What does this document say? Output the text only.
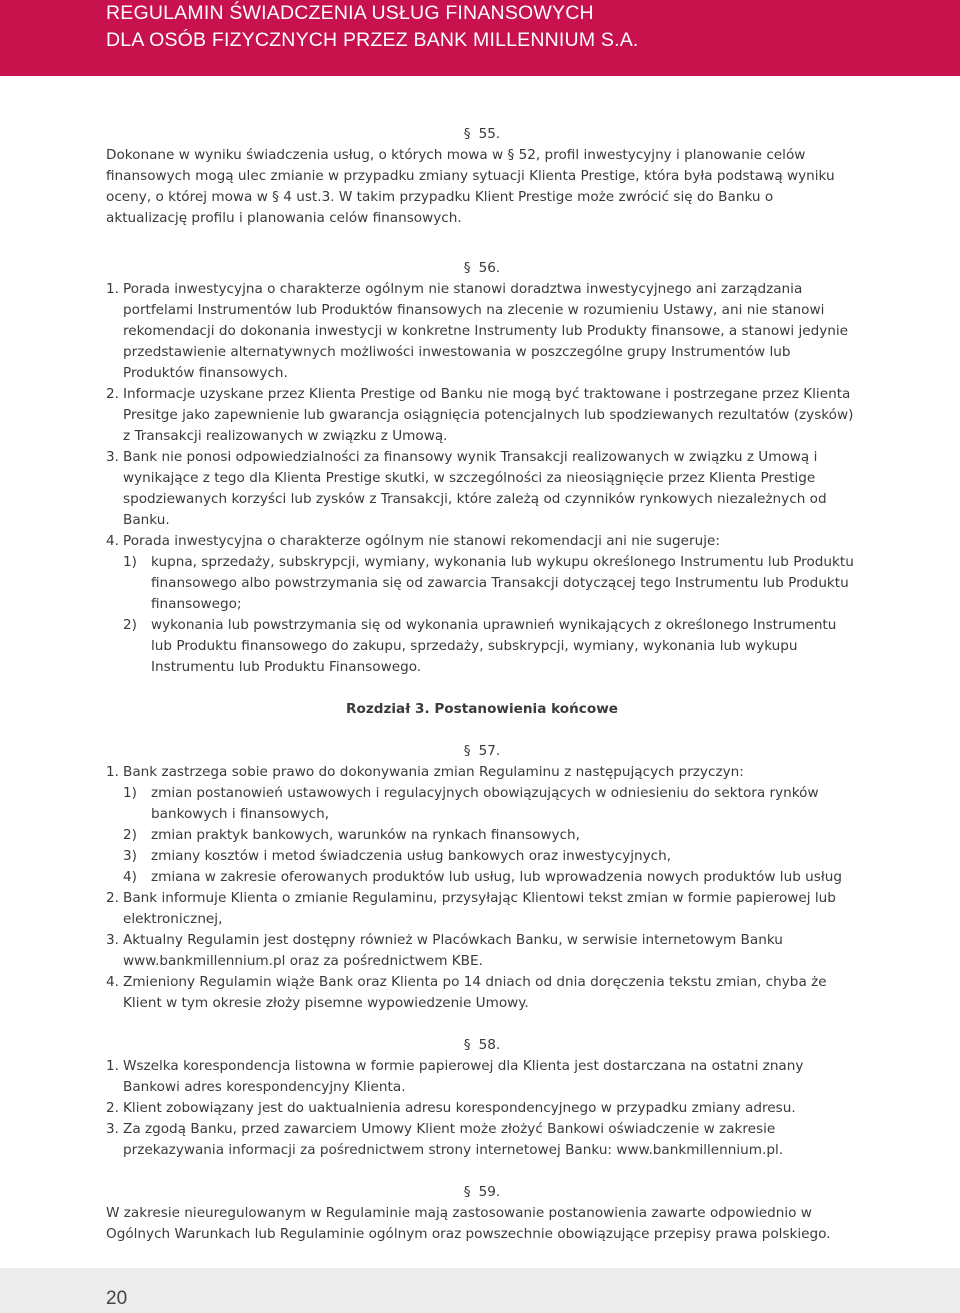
REGULAMIN ŚWIADCZENIA USŁUG FINANSOWYCH
DLA OSÓB FIZYCZNYCH PRZEZ BANK MILLENNIUM S.A.
§ 55.

Dokonane w wyniku świadczenia usług, o których mowa w § 52, profil inwestycyjny i planowanie celów finansowych mogą ulec zmianie w przypadku zmiany sytuacji Klienta Prestige, która była podstawą wyniku oceny, o której mowa w § 4 ust.3. W takim przypadku Klient Prestige może zwrócić się do Banku o aktualizację profilu i planowania celów finansowych.

§ 56.
1. Porada inwestycyjna o charakterze ogólnym nie stanowi doradztwa inwestycyjnego ani zarządzania portfelami Instrumentów lub Produktów finansowych na zlecenie w rozumieniu Ustawy, ani nie stanowi rekomendacji do dokonania inwestycji w konkretne Instrumenty lub Produkty finansowe, a stanowi jedynie przedstawienie alternatywnych możliwości inwestowania w poszczególne grupy Instrumentów lub Produktów finansowych.
2. Informacje uzyskane przez Klienta Prestige od Banku nie mogą być traktowane i postrzegane przez Klienta Presitge jako zapewnienie lub gwarancja osiągnięcia potencjalnych lub spodziewanych rezultatów (zysków) z Transakcji realizowanych w związku z Umową.
3. Bank nie ponosi odpowiedzialności za finansowy wynik Transakcji realizowanych w związku z Umową i wynikające z tego dla Klienta Prestige skutki, w szczególności za nieosiągnięcie przez Klienta Prestige spodziewanych korzyści lub zysków z Transakcji, które zależą od czynników rynkowych niezależnych od Banku.
4. Porada inwestycyjna o charakterze ogólnym nie stanowi rekomendacji ani nie sugeruje:
1)	kupna, sprzedaży, subskrypcji, wymiany, wykonania lub wykupu określonego Instrumentu lub Produktu finansowego albo powstrzymania się od zawarcia Transakcji dotyczącej tego Instrumentu lub Produktu finansowego;
2)	wykonania lub powstrzymania się od wykonania uprawnień wynikających z określonego Instrumentu lub Produktu finansowego do zakupu, sprzedaży, subskrypcji, wymiany, wykonania lub wykupu Instrumentu lub Produktu Finansowego.
Rozdział 3. Postanowienia końcowe
§ 57.
1. Bank zastrzega sobie prawo do dokonywania zmian Regulaminu z następujących przyczyn:
1)	zmian postanowień ustawowych i regulacyjnych obowiązujących w odniesieniu do sektora rynków bankowych i finansowych,
2)	zmian praktyk bankowych, warunków na rynkach finansowych,
3)	zmiany kosztów i metod świadczenia usług bankowych oraz inwestycyjnych,
4)	zmiana w zakresie oferowanych produktów lub usług, lub wprowadzenia nowych produktów lub usług
2. Bank informuje Klienta o zmianie Regulaminu, przysyłając Klientowi tekst zmian w formie papierowej lub elektronicznej,
3. Aktualny Regulamin jest dostępny również w Placówkach Banku, w serwisie internetowym Banku www.bankmillennium.pl oraz za pośrednictwem KBE.
4. Zmieniony Regulamin wiąże Bank oraz Klienta po 14 dniach od dnia doręczenia tekstu zmian, chyba że Klient w tym okresie złoży pisemne wypowiedzenie Umowy.
§ 58.
1. Wszelka korespondencja listowna w formie papierowej dla Klienta jest dostarczana na ostatni znany Bankowi adres korespondencyjny Klienta.
2. Klient zobowiązany jest do uaktualnienia adresu korespondencyjnego w przypadku zmiany adresu.
3. Za zgodą Banku, przed zawarciem Umowy Klient może złożyć Bankowi oświadczenie w zakresie przekazywania informacji za pośrednictwem strony internetowej Banku: www.bankmillennium.pl.
§ 59.

W zakresie nieuregulowanym w Regulaminie mają zastosowanie postanowienia zawarte odpowiednio w Ogólnych Warunkach lub Regulaminie ogólnym oraz powszechnie obowiązujące przepisy prawa polskiego.

20
